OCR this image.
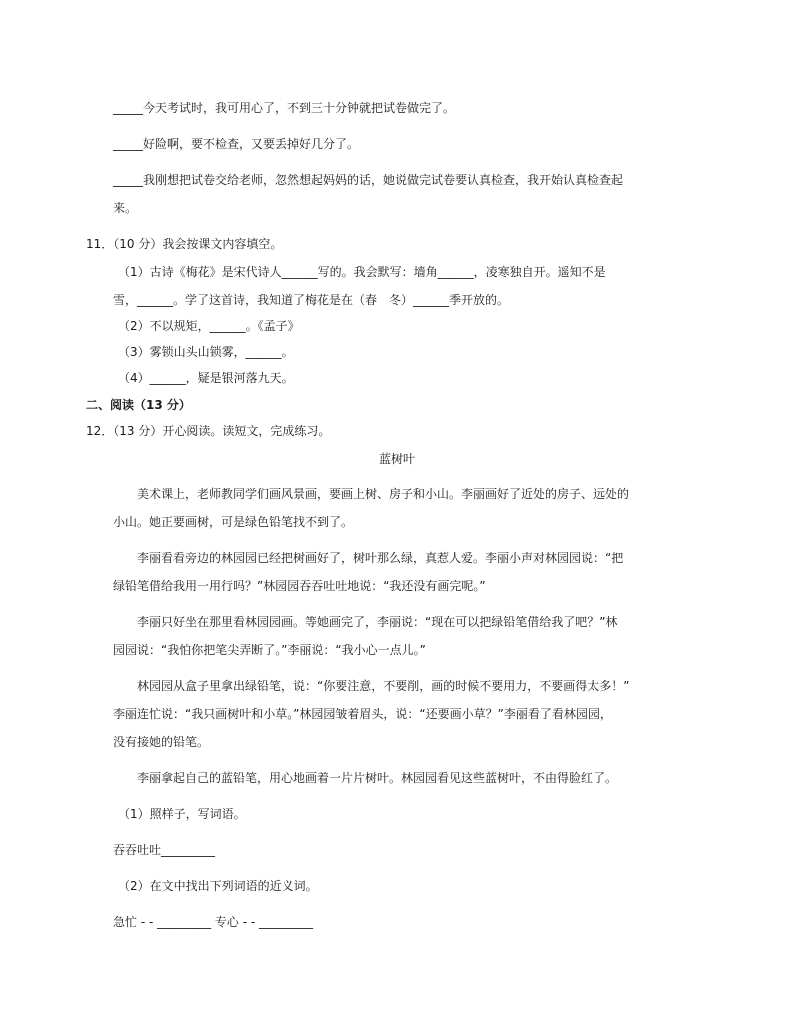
_____今天考试时，我可用心了，不到三十分钟就把试卷做完了。
_____好险啊，要不检查，又要丢掉好几分了。
_____我刚想把试卷交给老师，忽然想起妈妈的话，她说做完试卷要认真检查，我开始认真检查起
来。
11．（10 分）我会按课文内容填空。
（1）古诗《梅花》是宋代诗人______写的。我会默写：墙角______，凌寒独自开。遥知不是
雪，______。学了这首诗，我知道了梅花是在（春　冬）______季开放的。
（2）不以规矩，______。《孟子》
（3）雾锁山头山锁雾，______。
（4）______，疑是银河落九天。
二、阅读（13 分）
12．（13 分）开心阅读。读短文，完成练习。
蓝树叶
美术课上，老师教同学们画风景画，要画上树、房子和小山。李丽画好了近处的房子、远处的
小山。她正要画树，可是绿色铅笔找不到了。
李丽看看旁边的林园园已经把树画好了，树叶那么绿，真惹人爱。李丽小声对林园园说：“把
绿铅笔借给我用一用行吗？”林园园吞吞吐吐地说：“我还没有画完呢。”
李丽只好坐在那里看林园园画。等她画完了，李丽说：“现在可以把绿铅笔借给我了吧？”林
园园说：“我怕你把笔尖弄断了。”李丽说：“我小心一点儿。”
林园园从盒子里拿出绿铅笔，说：“你要注意，不要削，画的时候不要用力，不要画得太多！”
李丽连忙说：“我只画树叶和小草。”林园园皱着眉头，说：“还要画小草？”李丽看了看林园园，
没有接她的铅笔。
李丽拿起自己的蓝铅笔，用心地画着一片片树叶。林园园看见这些蓝树叶，不由得脸红了。
（1）照样子，写词语。
吞吞吐吐_________
（2）在文中找出下列词语的近义词。
急忙 - - _________ 专心 - - _________
